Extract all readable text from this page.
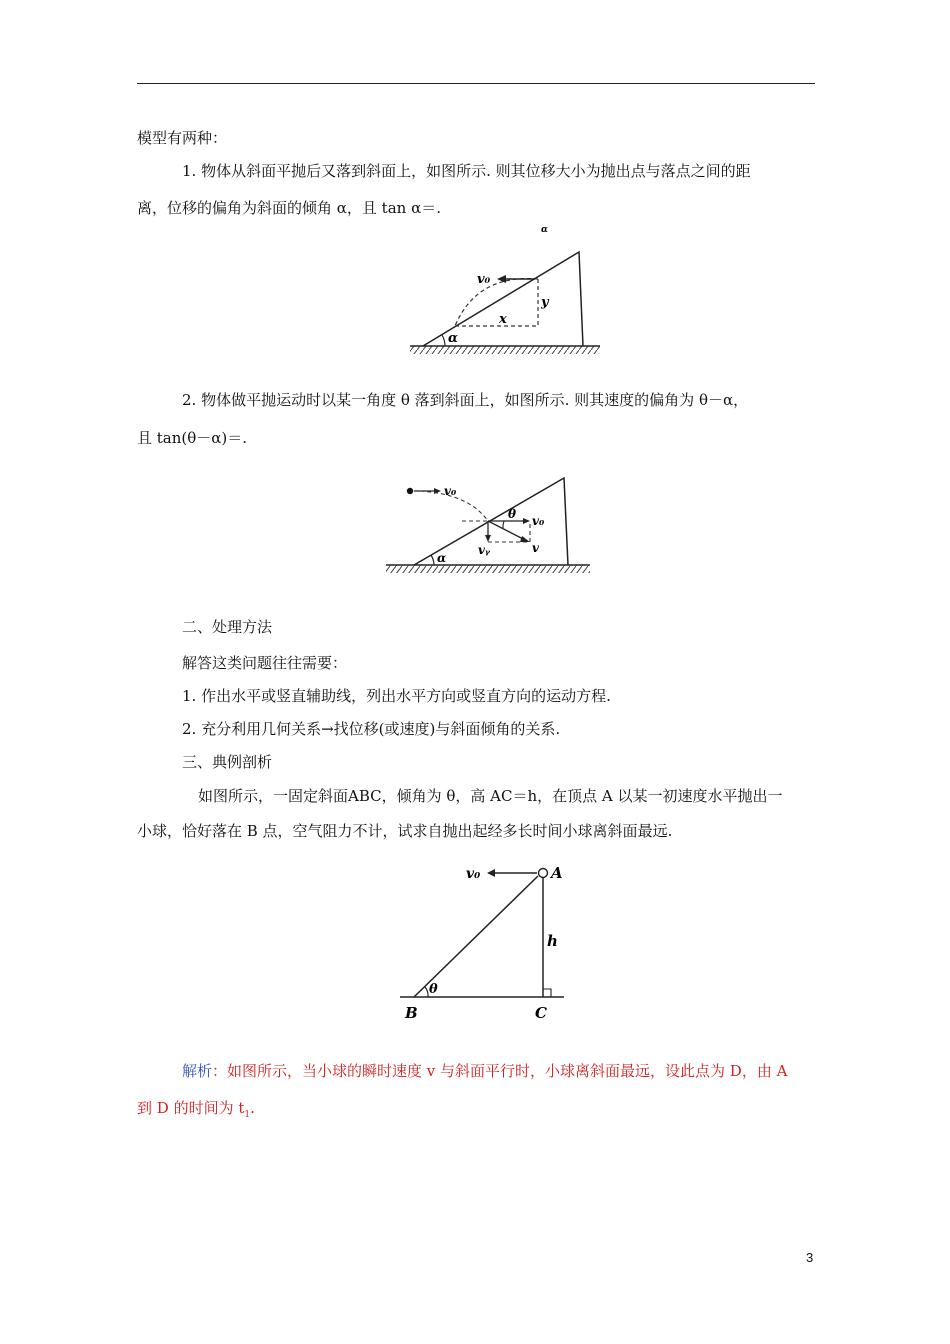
模型有两种：
1. 物体从斜面平抛后又落到斜面上，如图所示. 则其位移大小为抛出点与落点之间的距
离，位移的偏角为斜面的倾角 α，且 tan α＝.
α
v₀
y
x
α
2. 物体做平抛运动时以某一角度 θ 落到斜面上，如图所示. 则其速度的偏角为 θ－α，
且 tan(θ－α)＝.
v₀
v₀
vᵧ	v
θ
α
二、处理方法
解答这类问题往往需要：
1. 作出水平或竖直辅助线，列出水平方向或竖直方向的运动方程.
2. 充分利用几何关系→找位移(或速度)与斜面倾角的关系.
三、典例剖析
如图所示，一固定斜面ABC，倾角为 θ，高 AC＝h，在顶点 A 以某一初速度水平抛出一
小球，恰好落在 B 点，空气阻力不计，试求自抛出起经多长时间小球离斜面最远.
v₀	A
h
θ
B	C
解析：如图所示，当小球的瞬时速度 v 与斜面平行时，小球离斜面最远，设此点为 D，由 A
到 D 的时间为 $t_1$.
3
